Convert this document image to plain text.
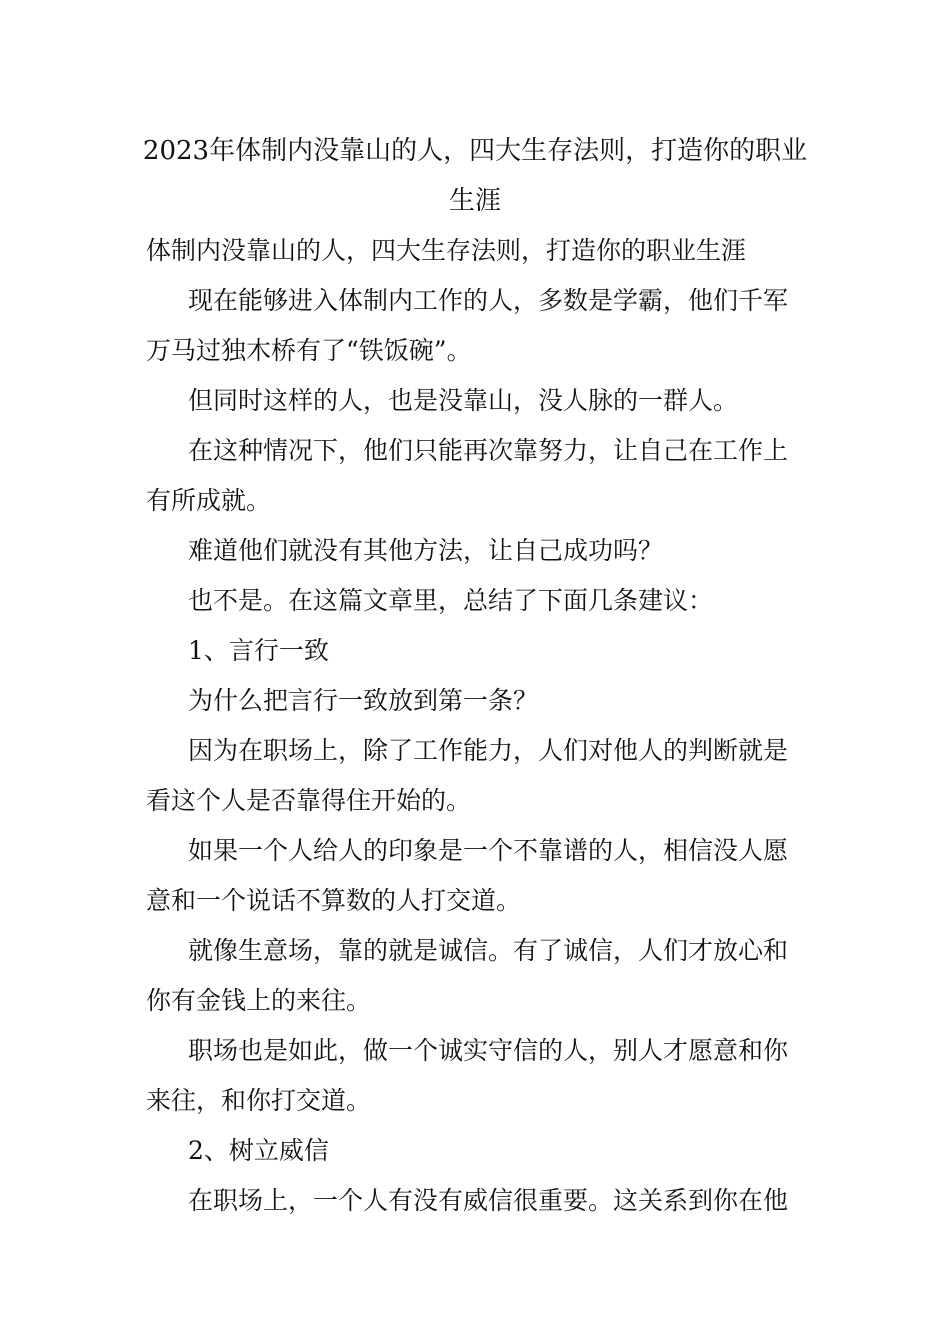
2023年体制内没靠山的人，四大生存法则，打造你的职业
生涯
体制内没靠山的人，四大生存法则，打造你的职业生涯
现在能够进入体制内工作的人，多数是学霸，他们千军
万马过独木桥有了“铁饭碗”。
但同时这样的人，也是没靠山，没人脉的一群人。
在这种情况下，他们只能再次靠努力，让自己在工作上
有所成就。
难道他们就没有其他方法，让自己成功吗？
也不是。在这篇文章里，总结了下面几条建议：
1、言行一致
为什么把言行一致放到第一条？
因为在职场上，除了工作能力，人们对他人的判断就是
看这个人是否靠得住开始的。
如果一个人给人的印象是一个不靠谱的人，相信没人愿
意和一个说话不算数的人打交道。
就像生意场，靠的就是诚信。有了诚信，人们才放心和
你有金钱上的来往。
职场也是如此，做一个诚实守信的人，别人才愿意和你
来往，和你打交道。
2、树立威信
在职场上，一个人有没有威信很重要。这关系到你在他
